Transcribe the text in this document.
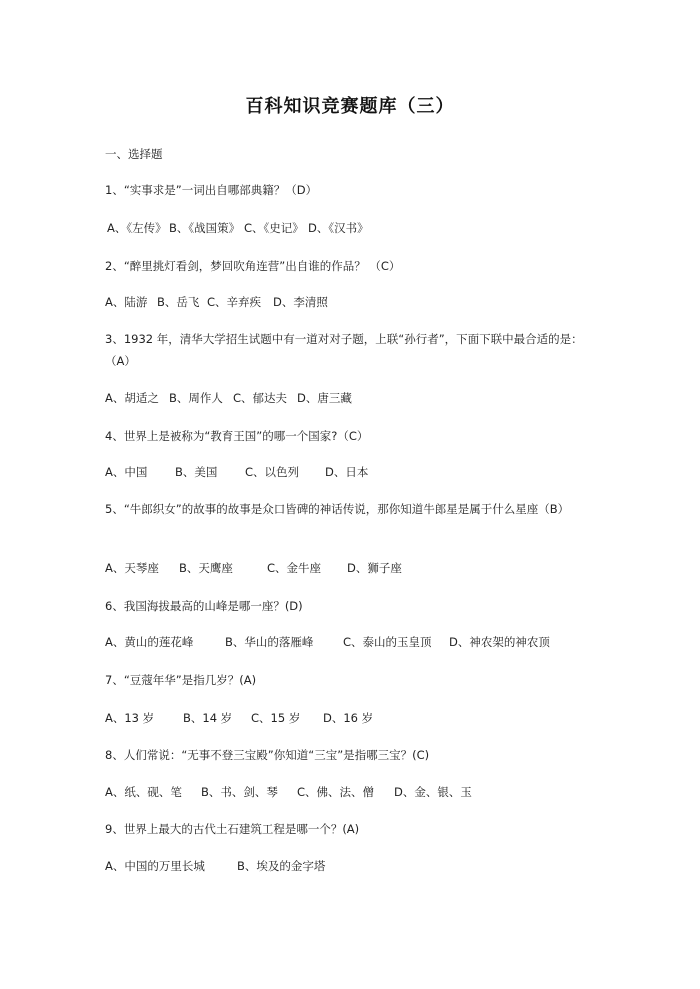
百科知识竞赛题库（三）
一、选择题
1、“实事求是”一词出自哪部典籍？（D）
A、《左传》 B、《战国策》 C、《史记》 D、《汉书》
2、“醉里挑灯看剑，梦回吹角连营”出自谁的作品？ （C）
A、陆游 B、岳飞 C、辛弃疾 D、李清照
3、1932 年，清华大学招生试题中有一道对对子题，上联“孙行者”，下面下联中最合适的是：（A）
A、胡适之 B、周作人 C、郁达夫 D、唐三藏
4、世界上是被称为“教育王国”的哪一个国家?（C）
A、中国 B、美国 C、以色列 D、日本
5、“牛郎织女”的故事的故事是众口皆碑的神话传说，那你知道牛郎星是属于什么星座（B）
A、天琴座 B、天鹰座	C、金牛座 D、狮子座
6、我国海拔最高的山峰是哪一座？(D)
A、黄山的莲花峰	B、华山的落雁峰	C、泰山的玉皇顶 D、神农架的神农顶
7、“豆蔻年华”是指几岁？(A)
A、13 岁	B、14 岁 C、15 岁 D、16 岁
8、人们常说：“无事不登三宝殿”你知道“三宝”是指哪三宝？(C)
A、纸、砚、笔 B、书、剑、琴 C、佛、法、僧 D、金、银、玉
9、世界上最大的古代土石建筑工程是哪一个？(A)
A、中国的万里长城	B、埃及的金字塔
